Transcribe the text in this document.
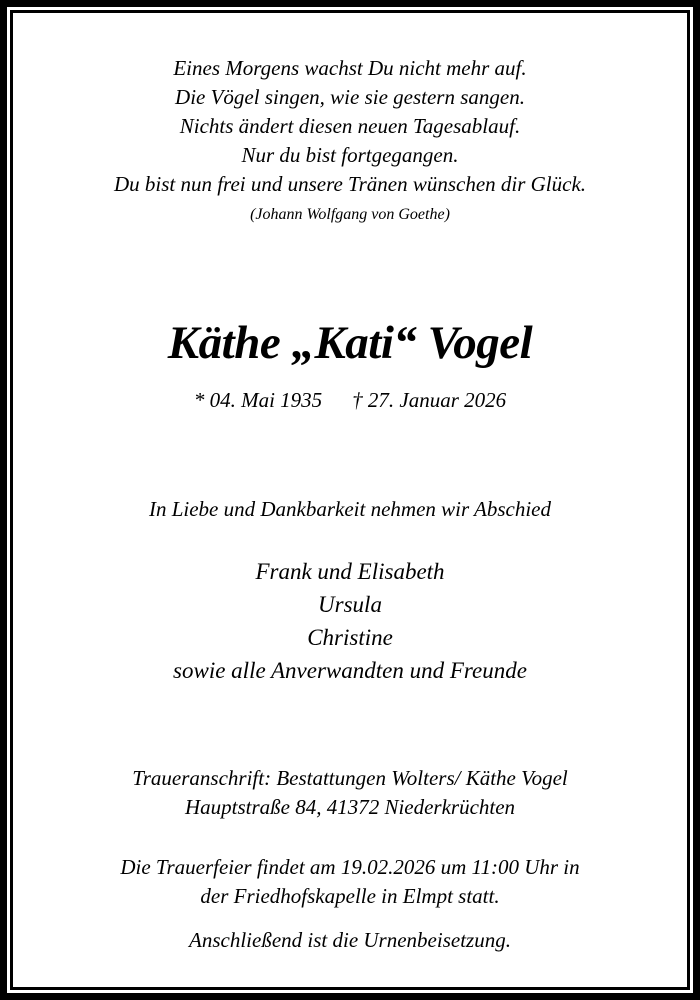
Eines Morgens wachst Du nicht mehr auf.
Die Vögel singen, wie sie gestern sangen.
Nichts ändert diesen neuen Tagesablauf.
Nur du bist fortgegangen.
Du bist nun frei und unsere Tränen wünschen dir Glück.
(Johann Wolfgang von Goethe)
Käthe „Kati“ Vogel
* 04. Mai 1935 † 27. Januar 2026
In Liebe und Dankbarkeit nehmen wir Abschied
Frank und Elisabeth
Ursula
Christine
sowie alle Anverwandten und Freunde
Traueranschrift: Bestattungen Wolters/ Käthe Vogel
Hauptstraße 84, 41372 Niederkrüchten
Die Trauerfeier findet am 19.02.2026 um 11:00 Uhr in
der Friedhofskapelle in Elmpt statt.
Anschließend ist die Urnenbeisetzung.
